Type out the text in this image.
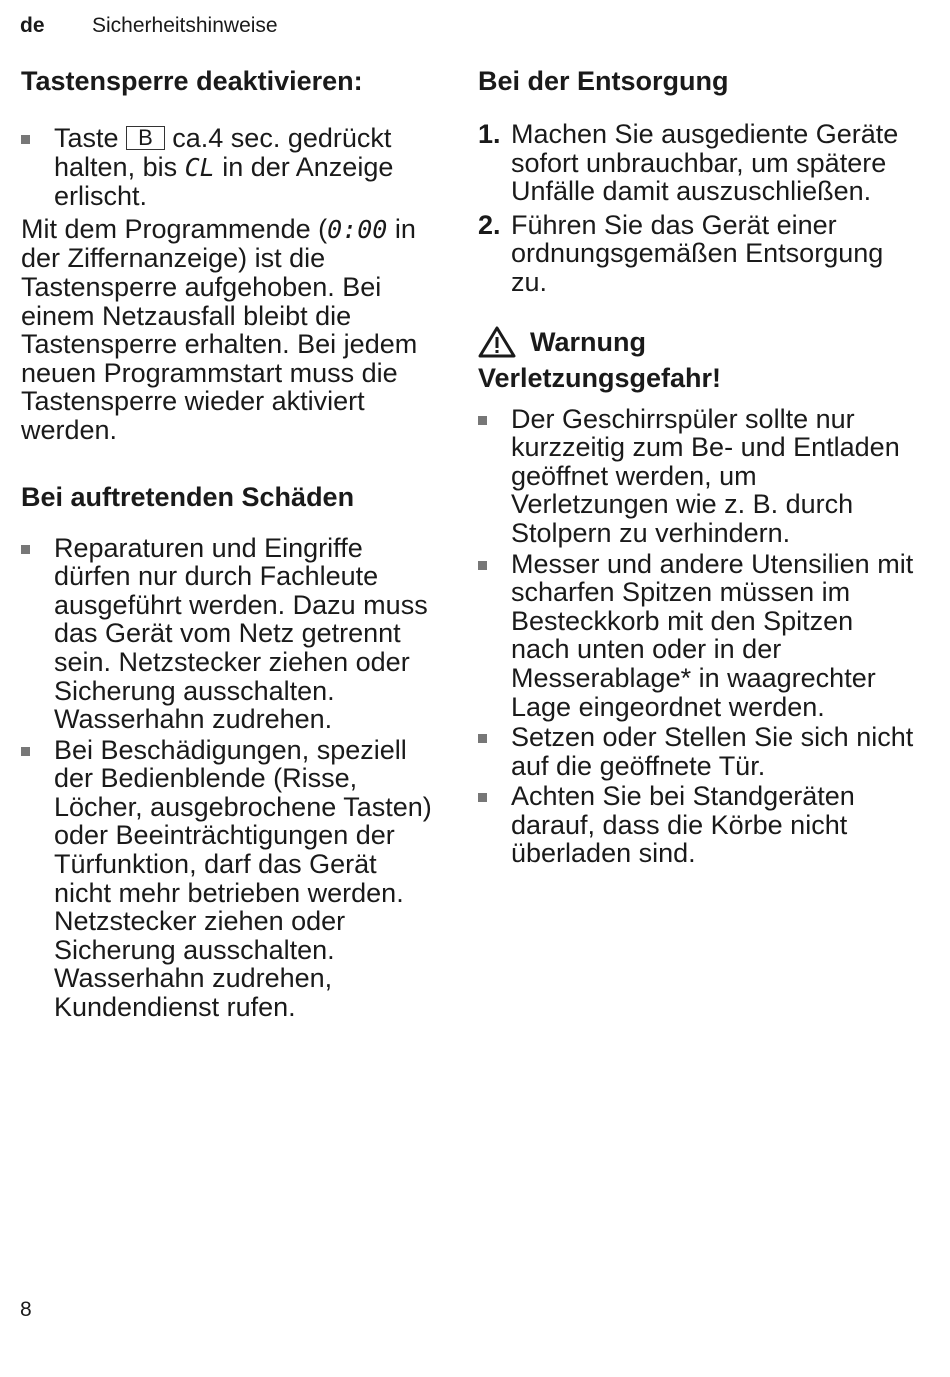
de Sicherheitshinweise
Tastensperre deaktivieren:
Taste B ca.4 sec. gedrückt halten, bis CL in der Anzeige erlischt.

Mit dem Programmende (0:00 in der Ziffernanzeige) ist die Tastensperre aufgehoben. Bei einem Netzausfall bleibt die Tastensperre erhalten. Bei jedem neuen Programmstart muss die Tastensperre wieder aktiviert werden.

Bei auftretenden Schäden
Reparaturen und Eingriffe dürfen nur durch Fachleute ausgeführt werden. Dazu muss das Gerät vom Netz getrennt sein. Netzstecker ziehen oder Sicherung ausschalten. Wasserhahn zudrehen.
Bei Beschädigungen, speziell der Bedienblende (Risse, Löcher, ausgebrochene Tasten) oder Beeinträchtigungen der Türfunktion, darf das Gerät nicht mehr betrieben werden. Netzstecker ziehen oder Sicherung ausschalten. Wasserhahn zudrehen, Kundendienst rufen.
Bei der Entsorgung
1. Machen Sie ausgediente Geräte sofort unbrauchbar, um spätere Unfälle damit auszuschließen.
2. Führen Sie das Gerät einer ordnungsgemäßen Entsorgung zu.
Warnung
Verletzungsgefahr!
Der Geschirrspüler sollte nur kurzzeitig zum Be- und Entladen geöffnet werden, um Verletzungen wie z. B. durch Stolpern zu verhindern.
Messer und andere Utensilien mit scharfen Spitzen müssen im Besteckkorb mit den Spitzen nach unten oder in der Messerablage* in waagrechter Lage eingeordnet werden.
Setzen oder Stellen Sie sich nicht auf die geöffnete Tür.
Achten Sie bei Standgeräten darauf, dass die Körbe nicht überladen sind.
8
